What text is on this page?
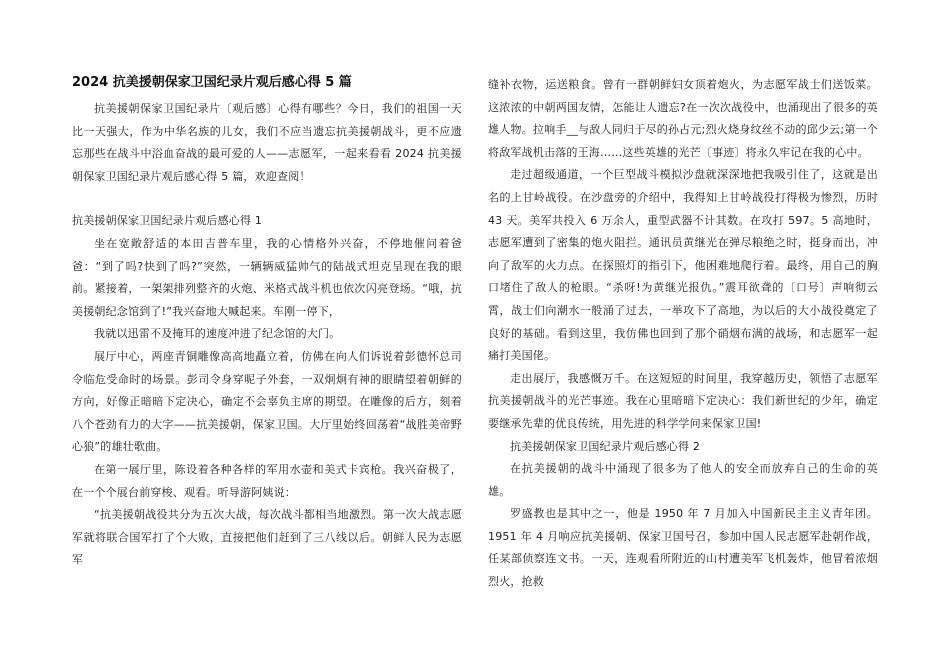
2024 抗美援朝保家卫国纪录片观后感心得 5 篇

抗美援朝保家卫国纪录片〔观后感〕心得有哪些？今日，我们的祖国一天比一天强大，作为中华名族的儿女，我们不应当遗忘抗美援朝战斗，更不应遗忘那些在战斗中浴血奋战的最可爱的人——志愿军，一起来看看 2024 抗美援朝保家卫国纪录片观后感心得 5 篇，欢迎查阅！

抗美援朝保家卫国纪录片观后感心得 1

坐在宽敞舒适的本田吉普车里，我的心情格外兴奋，不停地催问着爸爸：“到了吗?快到了吗?”突然，一辆辆威猛帅气的陆战式坦克呈现在我的眼前。紧接着，一架架排列整齐的火炮、米格式战斗机也依次闪亮登场。“哦，抗美援朝纪念馆到了!”我兴奋地大喊起来。车刚一停下，

我就以迅雷不及掩耳的速度冲进了纪念馆的大门。

展厅中心，两座青铜雕像高高地矗立着，仿佛在向人们诉说着彭德怀总司令临危受命时的场景。彭司令身穿呢子外套，一双炯炯有神的眼睛望着朝鲜的方向，好像正暗暗下定决心，确定不会辜负主席的期望。在雕像的后方，刻着八个苍劲有力的大字——抗美援朝，保家卫国。大厅里始终回荡着“战胜美帝野心狼”的雄壮歌曲。

在第一展厅里，陈设着各种各样的军用水壶和美式卡宾枪。我兴奋极了，在一个个展台前穿梭、观看。听导游阿姨说：

“抗美援朝战役共分为五次大战，每次战斗都相当地激烈。第一次大战志愿军就将联合国军打了个大败，直接把他们赶到了三八线以后。朝鲜人民为志愿军

缝补衣物，运送粮食。曾有一群朝鲜妇女顶着炮火，为志愿军战士们送饭菜。这浓浓的中朝两国友情，怎能让人遗忘?在一次次战役中，也涌现出了很多的英雄人物。拉响手__与敌人同归于尽的孙占元;烈火烧身纹丝不动的邱少云;第一个将敌军战机击落的王海……这些英雄的光芒〔事迹〕将永久牢记在我的心中。

走过超级通道，一个巨型战斗模拟沙盘就深深地把我吸引住了，这就是出名的上甘岭战役。在沙盘旁的介绍中，我得知上甘岭战役打得极为惨烈，历时 43 天。美军共投入 6 万余人，重型武器不计其数。在攻打 597。5 高地时，志愿军遭到了密集的炮火阻拦。通讯员黄继光在弹尽粮绝之时，挺身而出，冲向了敌军的火力点。在探照灯的指引下，他困难地爬行着。最终，用自己的胸口堵住了敌人的枪眼。“杀呀!为黄继光报仇。”震耳欲聋的〔口号〕声响彻云霄，战士们向潮水一般涌了过去，一举攻下了高地，为以后的大小战役奠定了良好的基础。看到这里，我仿佛也回到了那个硝烟布满的战场，和志愿军一起痛打美国佬。

走出展厅，我感慨万千。在这短短的时间里，我穿越历史，领悟了志愿军抗美援朝战斗的光芒事迹。我在心里暗暗下定决心：我们新世纪的少年，确定要继承先辈的优良传统，用先进的科学学问来保家卫国!

抗美援朝保家卫国纪录片观后感心得 2

在抗美援朝的战斗中涌现了很多为了他人的安全而放弃自己的生命的英雄。

罗盛教也是其中之一，他是 1950 年 7 月加入中国新民主主义青年团。1951 年 4 月响应抗美援朝、保家卫国号召，参加中国人民志愿军赴朝作战，任某部侦察连文书。一天，连观看所附近的山村遭美军飞机轰炸，他冒着浓烟烈火，抢救
